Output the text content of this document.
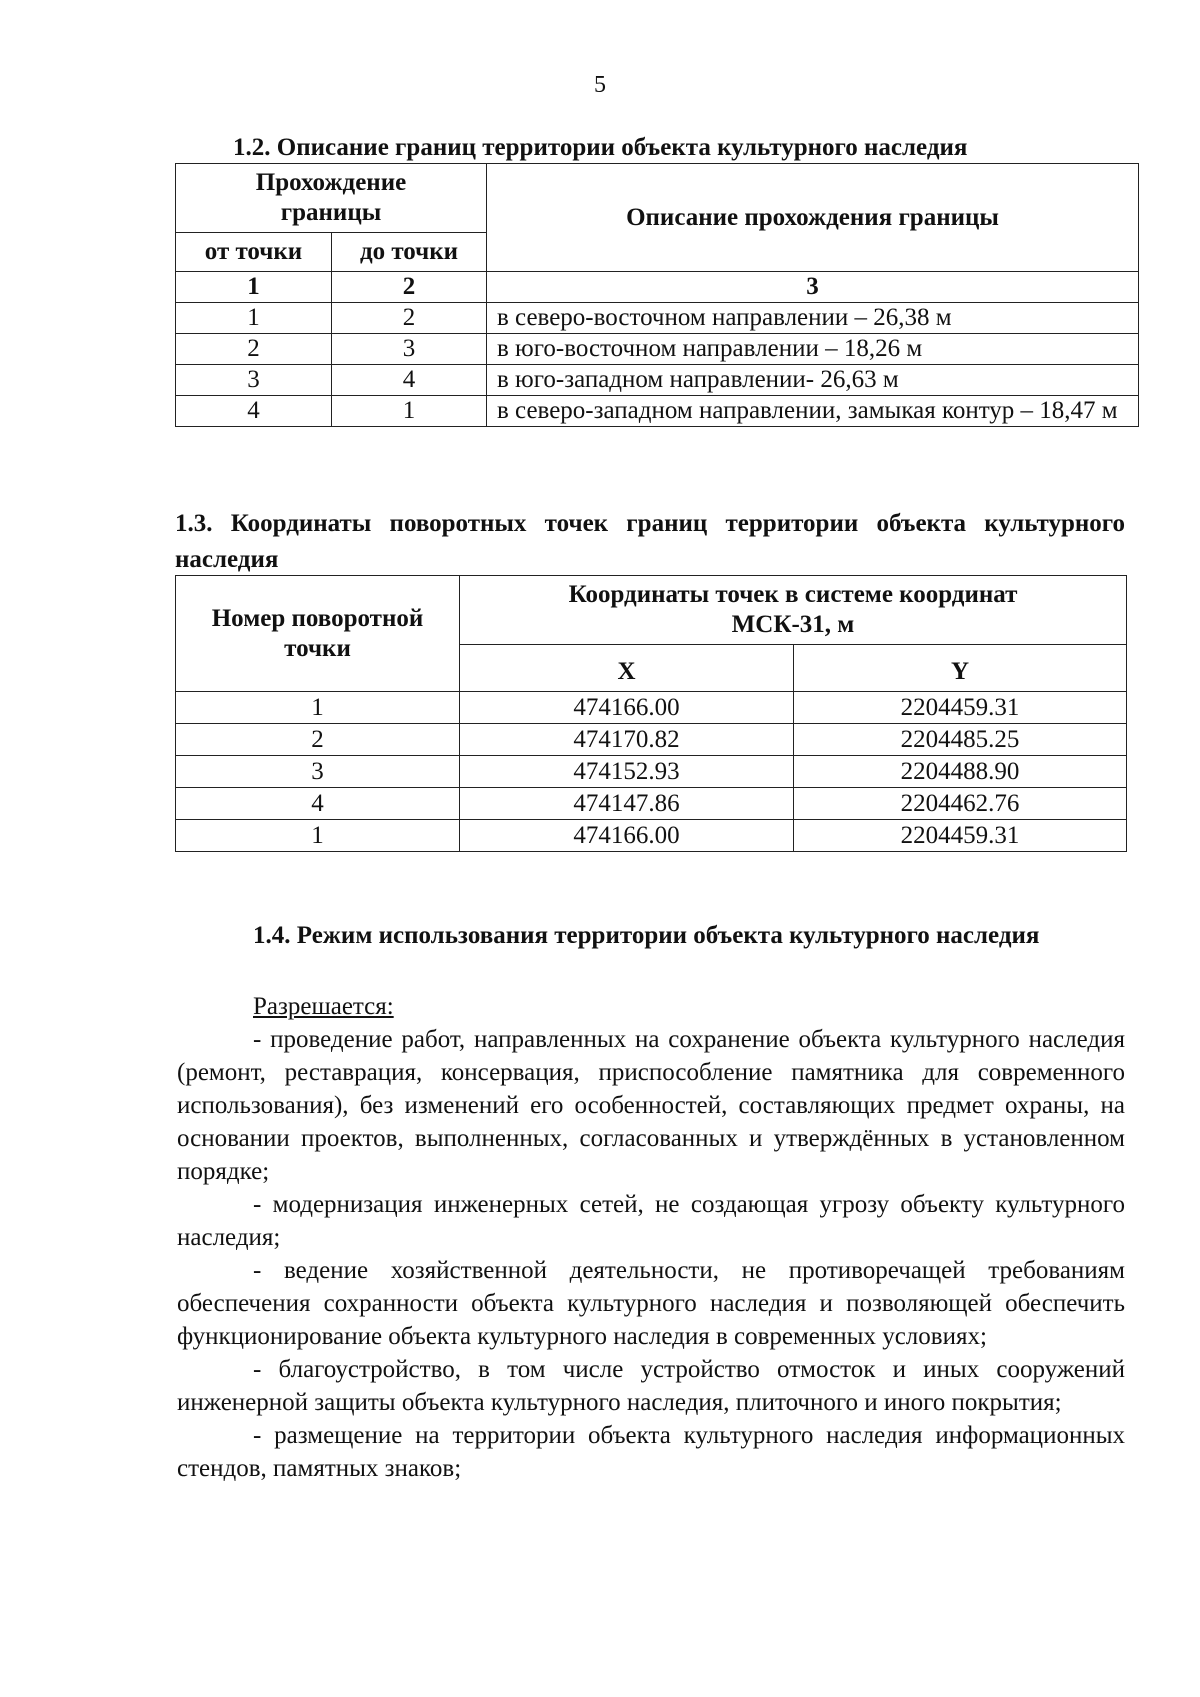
5
1.2. Описание границ территории объекта культурного наследия
Прохождение границы		Описание прохождения границы
от точки	до точки	
1	2	3
1	2	в северо-восточном направлении – 26,38 м
2	3	в юго-восточном направлении – 18,26 м
3	4	в юго-западном направлении- 26,63 м
4	1	в северо-западном направлении, замыкая контур – 18,47 м
1.3. Координаты поворотных точек границ территории объекта культурного наследия
Номер поворотной точки	Координаты точек в системе координат МСК-31, м	
	X	Y
1	474166.00	2204459.31
2	474170.82	2204485.25
3	474152.93	2204488.90
4	474147.86	2204462.76
1	474166.00	2204459.31
1.4. Режим использования территории объекта культурного наследия

Разрешается:

- проведение работ, направленных на сохранение объекта культурного наследия (ремонт, реставрация, консервация, приспособление памятника для современного использования), без изменений его особенностей, составляющих предмет охраны, на основании проектов, выполненных, согласованных и утверждённых в установленном порядке;

- модернизация инженерных сетей, не создающая угрозу объекту культурного наследия;

- ведение хозяйственной деятельности, не противоречащей требованиям обеспечения сохранности объекта культурного наследия и позволяющей обеспечить функционирование объекта культурного наследия в современных условиях;

- благоустройство, в том числе устройство отмосток и иных сооружений инженерной защиты объекта культурного наследия, плиточного и иного покрытия;

- размещение на территории объекта культурного наследия информационных стендов, памятных знаков;
